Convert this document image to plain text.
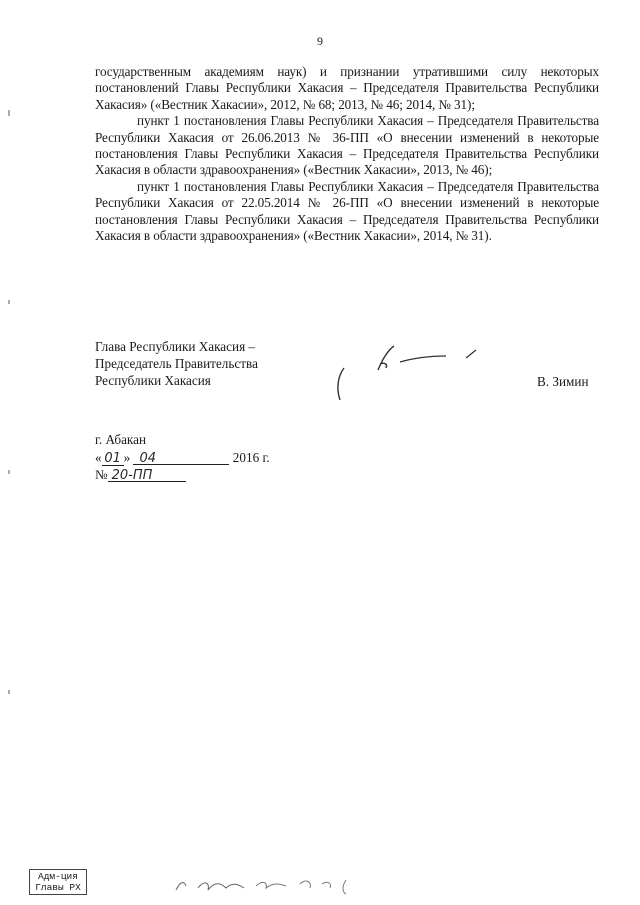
9

государственным академиям наук) и признании утратившими силу некоторых постановлений Главы Республики Хакасия – Председателя Правительства Республики Хакасия» («Вестник Хакасии», 2012, № 68; 2013, № 46; 2014, № 31);

пункт 1 постановления Главы Республики Хакасия – Председателя Правительства Республики Хакасия от 26.06.2013 № 36-ПП «О внесении изменений в некоторые постановления Главы Республики Хакасия – Председателя Правительства Республики Хакасия в области здравоохранения» («Вестник Хакасии», 2013, № 46);

пункт 1 постановления Главы Республики Хакасия – Председателя Правительства Республики Хакасия от 22.05.2014 № 26-ПП «О внесении изменений в некоторые постановления Главы Республики Хакасия – Председателя Правительства Республики Хакасия в области здравоохранения» («Вестник Хакасии», 2014, № 31).

Глава Республики Хакасия –
Председатель Правительства
Республики Хакасия	В. Зимин
г. Абакан
« 01 » 04	2016 г.
№ 20-ПП
Адм-ция
Главы РХ
